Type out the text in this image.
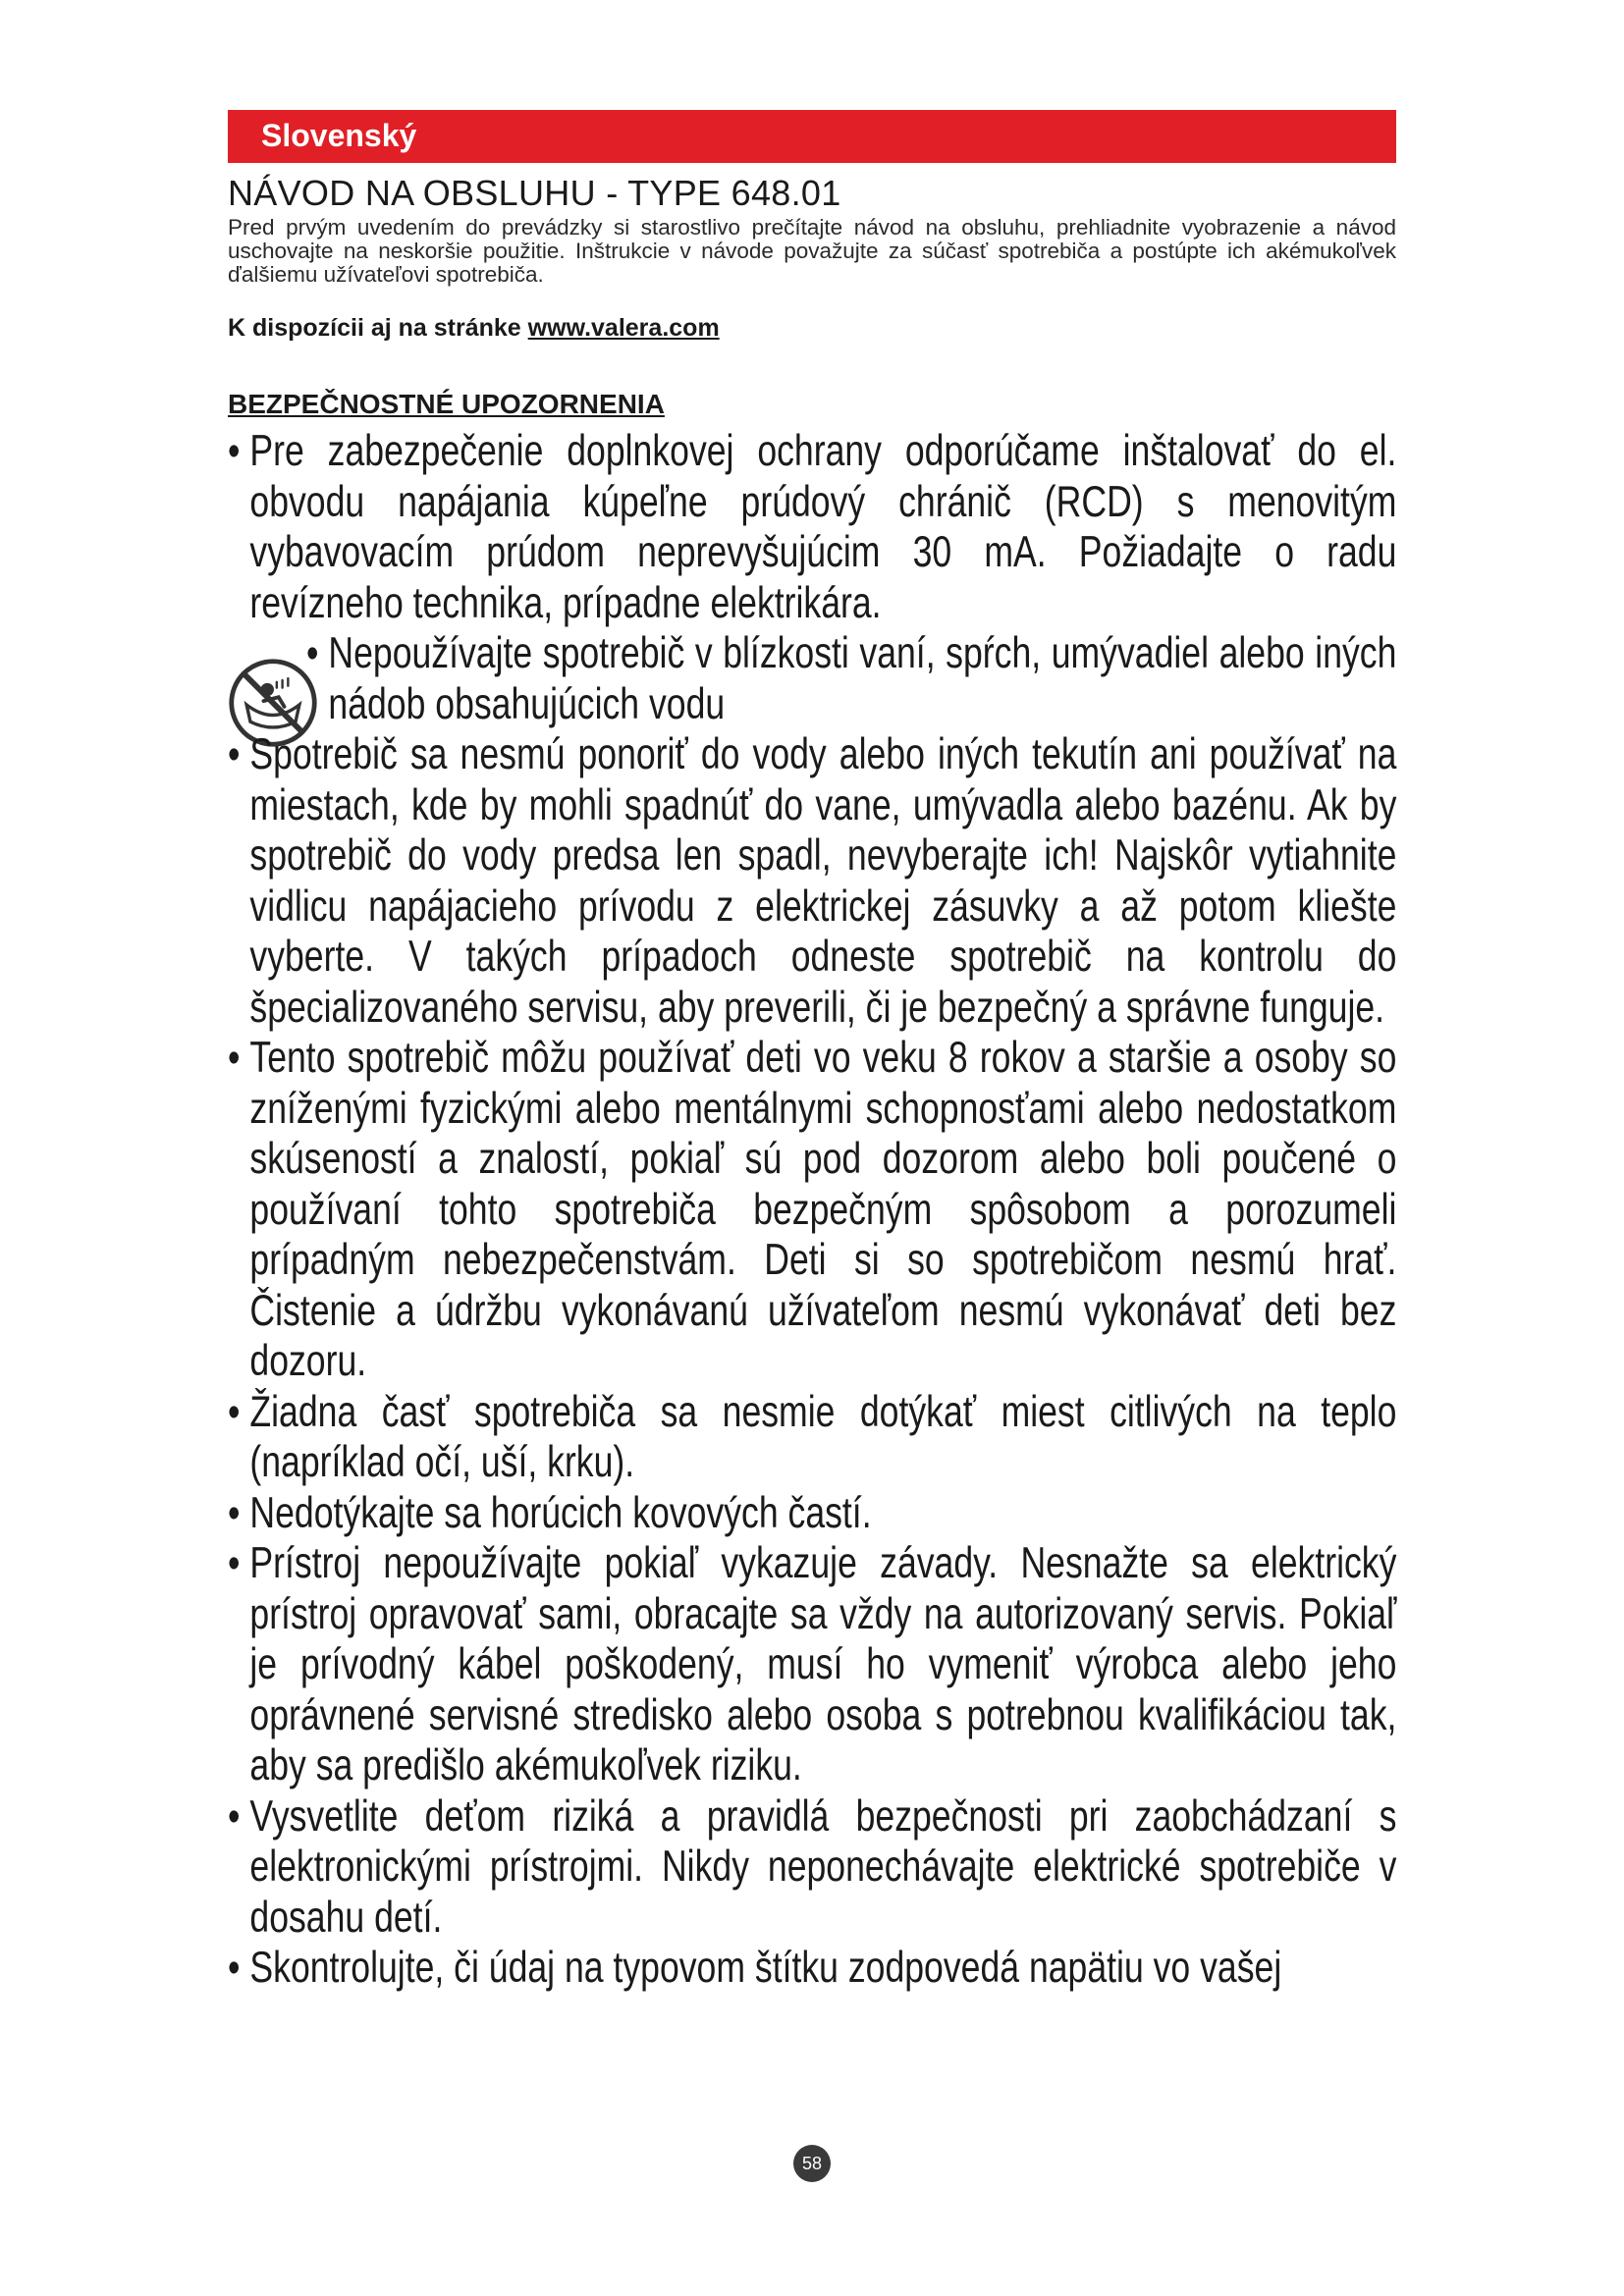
Slovenský
NÁVOD NA OBSLUHU - TYPE 648.01
Pred prvým uvedením do prevádzky si starostlivo prečítajte návod na obsluhu, prehliadnite vyobrazenie a návod uschovajte na neskoršie použitie. Inštrukcie v návode považujte za súčasť spotrebiča a postúpte ich akémukoľvek ďalšiemu užívateľovi spotrebiča.
K dispozícii aj na stránke www.valera.com
BEZPEČNOSTNÉ UPOZORNENIA
• Pre zabezpečenie doplnkovej ochrany odporúčame inštalovať do el. obvodu napájania kúpeľne prúdový chránič (RCD) s menovitým vybavovacím prúdom neprevyšujúcim 30 mA. Požiadajte o radu revízneho technika, prípadne elektrikára.
• Nepoužívajte spotrebič v blízkosti vaní, spŕch, umývadiel alebo iných nádob obsahujúcich vodu
• Spotrebič sa nesmú ponoriť do vody alebo iných tekutín ani používať na miestach, kde by mohli spadnúť do vane, umývadla alebo bazénu. Ak by spotrebič do vody predsa len spadl, nevyberajte ich! Najskôr vytiahnite vidlicu napájacieho prívodu z elektrickej zásuvky a až potom kliešte vyberte. V takých prípadoch odneste spotrebič na kontrolu do špecializovaného servisu, aby preverili, či je bezpečný a správne funguje.
• Tento spotrebič môžu používať deti vo veku 8 rokov a staršie a osoby so zníženými fyzickými alebo mentálnymi schopnosťami alebo nedostatkom skúseností a znalostí, pokiaľ sú pod dozorom alebo boli poučené o používaní tohto spotrebiča bezpečným spôsobom a porozumeli prípadným nebezpečenstvám. Deti si so spotrebičom nesmú hrať. Čistenie a údržbu vykonávanú užívateľom nesmú vykonávať deti bez dozoru.
• Žiadna časť spotrebiča sa nesmie dotýkať miest citlivých na teplo (napríklad očí, uší, krku).
• Nedotýkajte sa horúcich kovových častí.
• Prístroj nepoužívajte pokiaľ vykazuje závady. Nesnažte sa elektrický prístroj opravovať sami, obracajte sa vždy na autorizovaný servis. Pokiaľ je prívodný kábel poškodený, musí ho vymeniť výrobca alebo jeho oprávnené servisné stredisko alebo osoba s potrebnou kvalifikáciou tak, aby sa predišlo akémukoľvek riziku.
• Vysvetlite deťom riziká a pravidlá bezpečnosti pri zaobchádzaní s elektronickými prístrojmi. Nikdy neponechávajte elektrické spotrebiče v dosahu detí.
• Skontrolujte, či údaj na typovom štítku zodpovedá napätiu vo vašej
58
